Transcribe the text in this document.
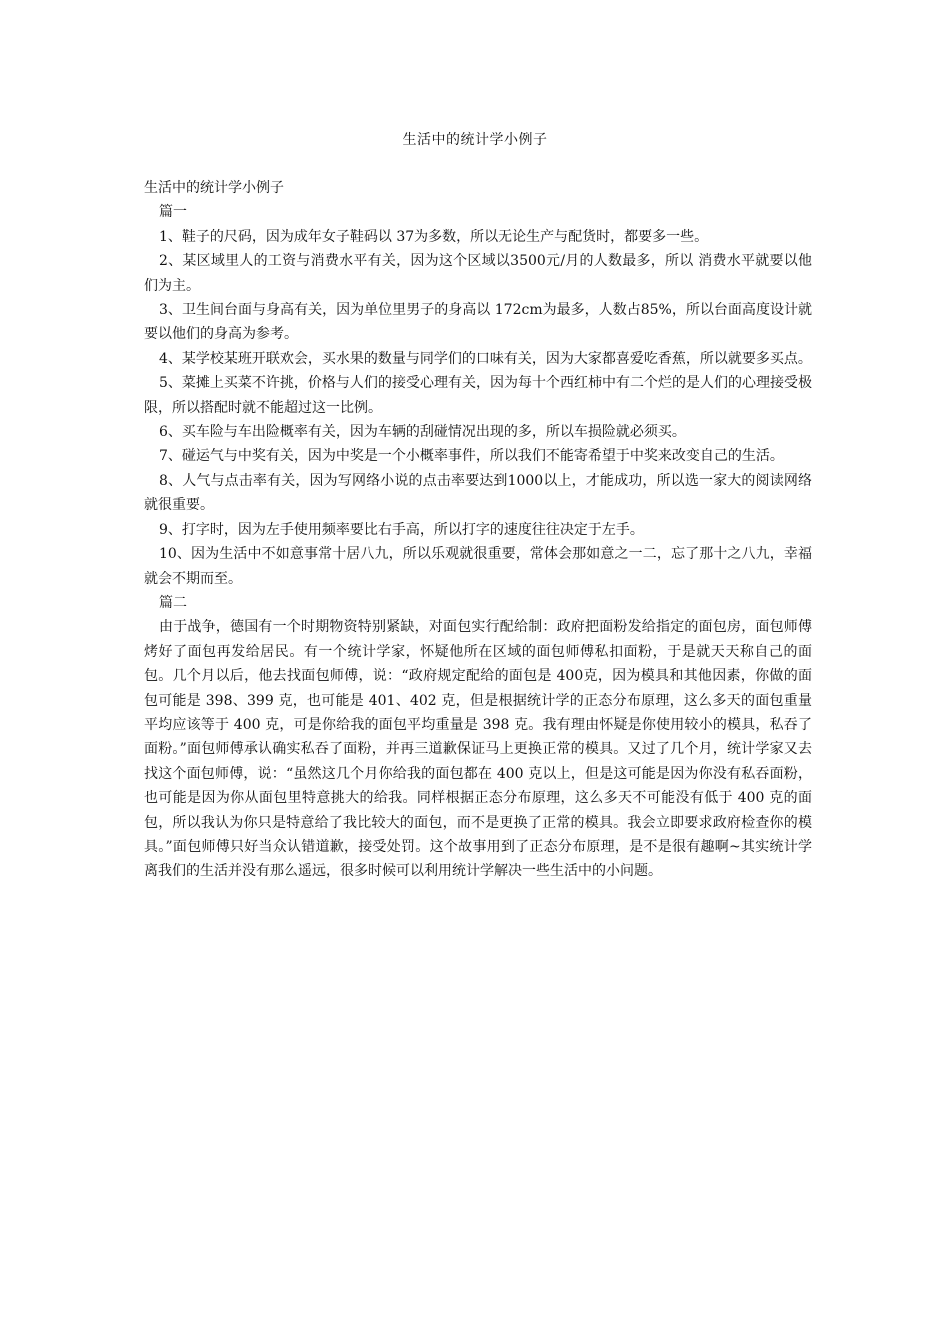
生活中的统计学小例子

生活中的统计学小例子

篇一

1、鞋子的尺码，因为成年女子鞋码以 37为多数，所以无论生产与配货时，都要多一些。

2、某区域里人的工资与消费水平有关，因为这个区域以3500元/月的人数最多，所以 消费水平就要以他们为主。

3、卫生间台面与身高有关，因为单位里男子的身高以 172cm为最多，人数占85%，所以台面高度设计就要以他们的身高为参考。

4、某学校某班开联欢会，买水果的数量与同学们的口味有关，因为大家都喜爱吃香蕉，所以就要多买点。

5、菜摊上买菜不许挑，价格与人们的接受心理有关，因为每十个西红柿中有二个烂的是人们的心理接受极限，所以搭配时就不能超过这一比例。

6、买车险与车出险概率有关，因为车辆的刮碰情况出现的多，所以车损险就必须买。

7、碰运气与中奖有关，因为中奖是一个小概率事件，所以我们不能寄希望于中奖来改变自己的生活。

8、人气与点击率有关，因为写网络小说的点击率要达到1000以上，才能成功，所以选一家大的阅读网络就很重要。

9、打字时，因为左手使用频率要比右手高，所以打字的速度往往决定于左手。

10、因为生活中不如意事常十居八九，所以乐观就很重要，常体会那如意之一二，忘了那十之八九，幸福就会不期而至。

篇二

由于战争，德国有一个时期物资特别紧缺，对面包实行配给制：政府把面粉发给指定的面包房，面包师傅烤好了面包再发给居民。有一个统计学家，怀疑他所在区域的面包师傅私扣面粉，于是就天天称自己的面包。几个月以后，他去找面包师傅，说：“政府规定配给的面包是 400克，因为模具和其他因素，你做的面包可能是 398、399 克，也可能是 401、402 克，但是根据统计学的正态分布原理，这么多天的面包重量平均应该等于 400 克，可是你给我的面包平均重量是 398 克。我有理由怀疑是你使用较小的模具，私吞了面粉。”面包师傅承认确实私吞了面粉，并再三道歉保证马上更换正常的模具。又过了几个月，统计学家又去找这个面包师傅，说：“虽然这几个月你给我的面包都在 400 克以上，但是这可能是因为你没有私吞面粉，也可能是因为你从面包里特意挑大的给我。同样根据正态分布原理，这么多天不可能没有低于 400 克的面包，所以我认为你只是特意给了我比较大的面包，而不是更换了正常的模具。我会立即要求政府检查你的模具。”面包师傅只好当众认错道歉，接受处罚。这个故事用到了正态分布原理，是不是很有趣啊~其实统计学离我们的生活并没有那么遥远，很多时候可以利用统计学解决一些生活中的小问题。
